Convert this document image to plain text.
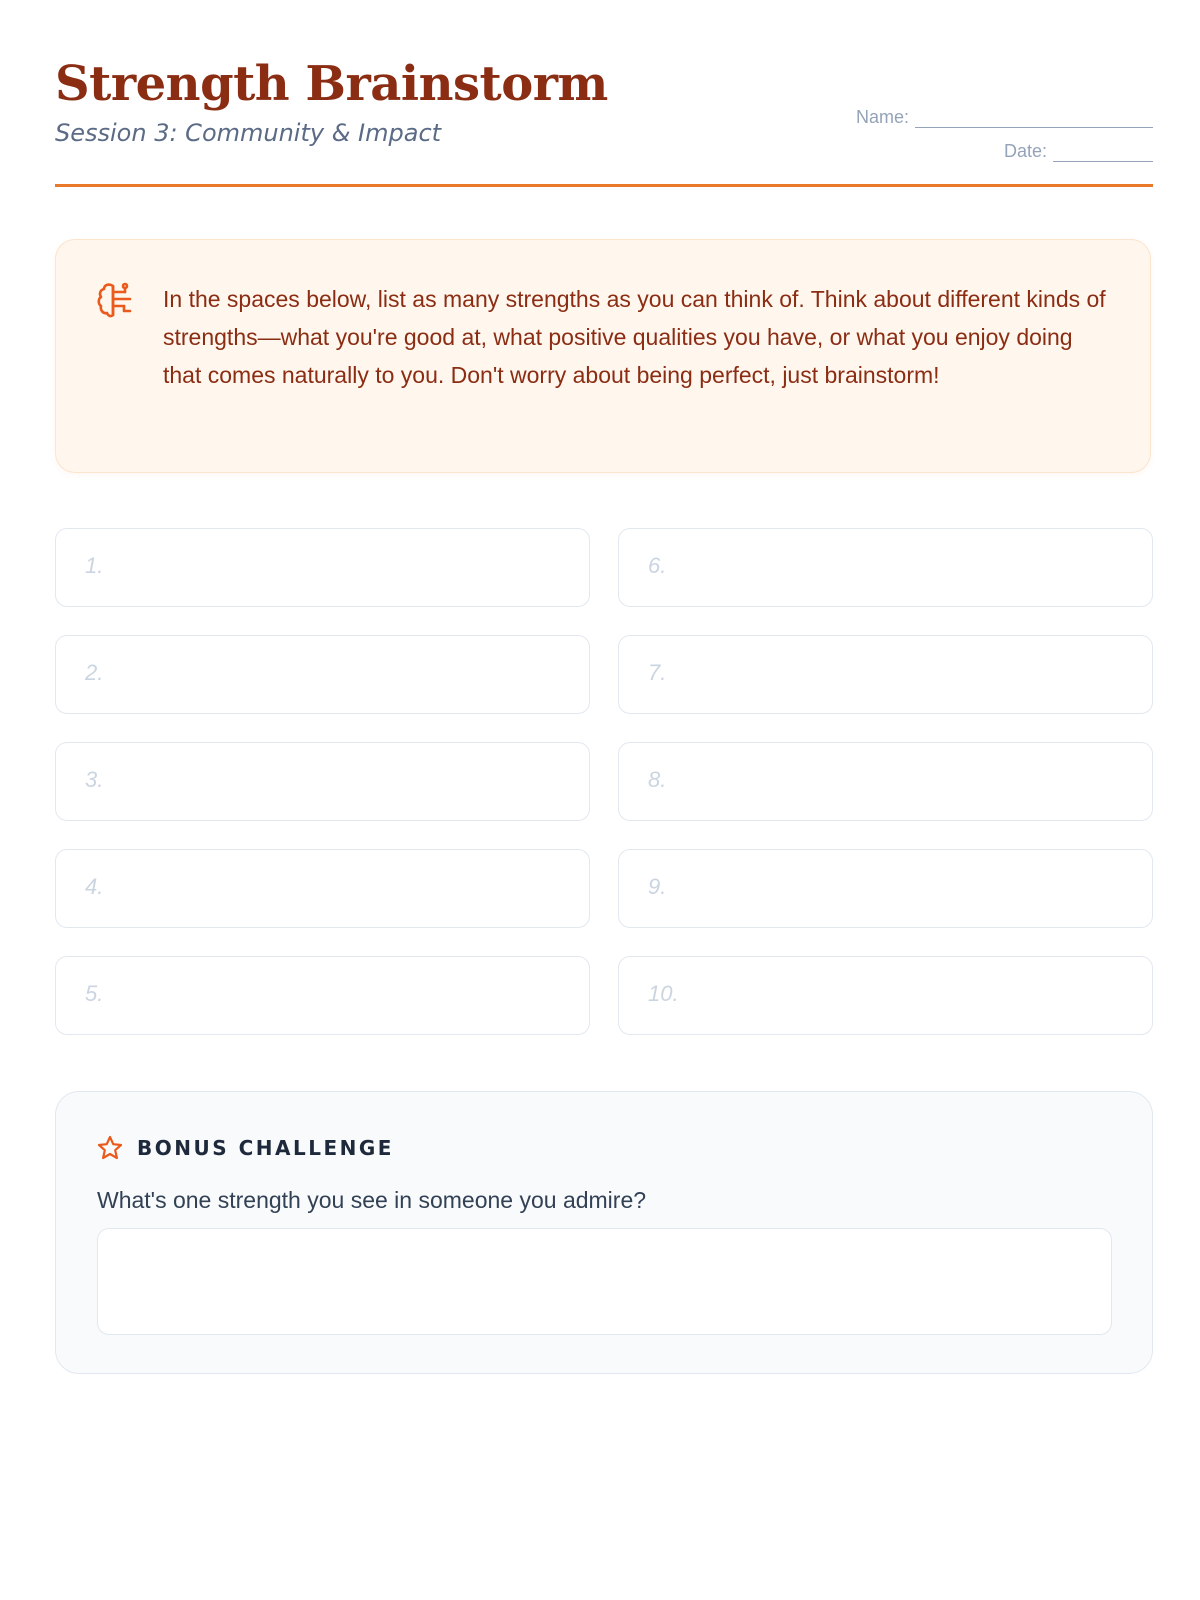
Strength Brainstorm

Session 3: Community & Impact

Name:
Date:

In the spaces below, list as many strengths as you can think of. Think about different kinds of strengths—what you're good at, what positive qualities you have, or what you enjoy doing that comes naturally to you. Don't worry about being perfect, just brainstorm!

1.	6.
2.	7.
3.	8.
4.	9.
5.	10.

BONUS CHALLENGE

What's one strength you see in someone you admire?
